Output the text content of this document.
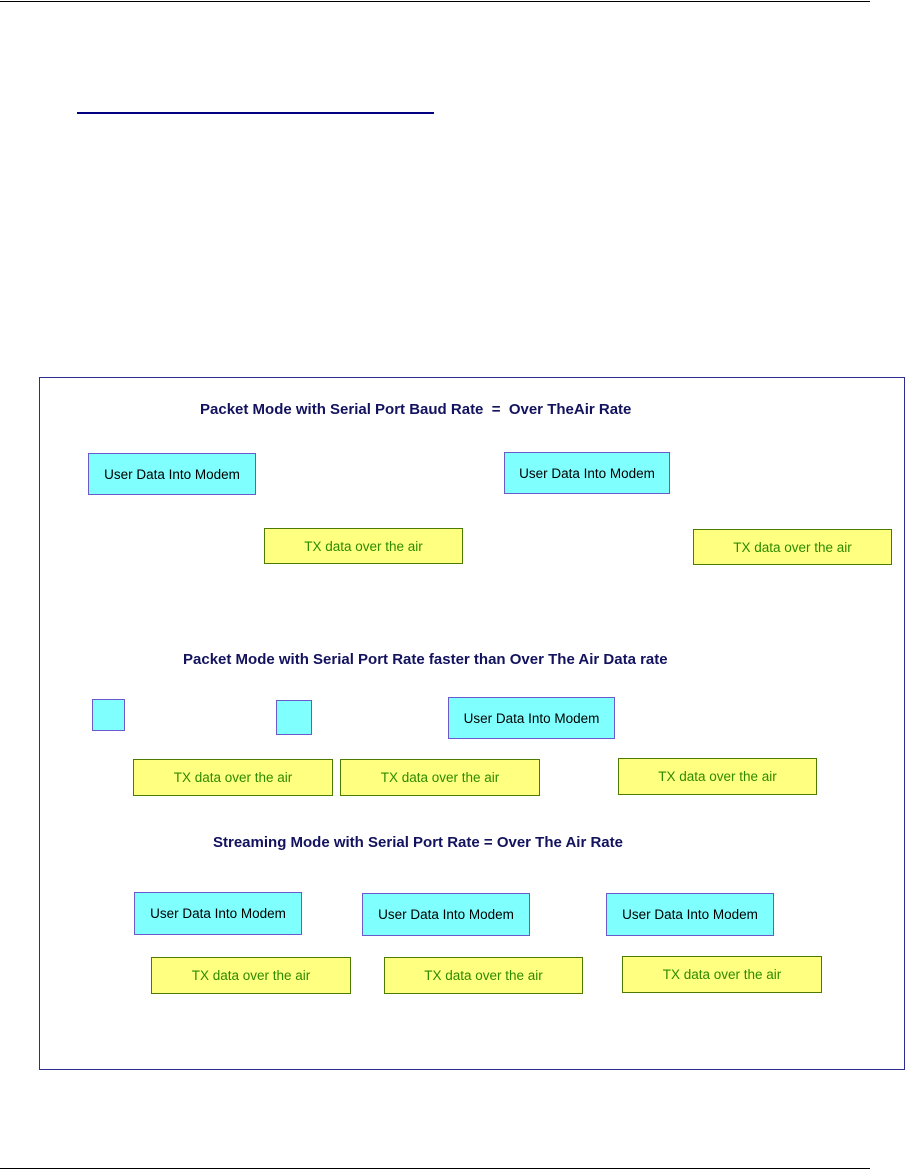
Packet Mode with Serial Port Baud Rate  =  Over TheAir Rate
User Data Into Modem	User Data Into Modem
TX data over the air	TX data over the air
Packet Mode with Serial Port Rate faster than Over The Air Data rate
User Data Into Modem
TX data over the air	TX data over the air	TX data over the air
Streaming Mode with Serial Port Rate = Over The Air Rate
User Data Into Modem	User Data Into Modem	User Data Into Modem
TX data over the air	TX data over the air	TX data over the air
